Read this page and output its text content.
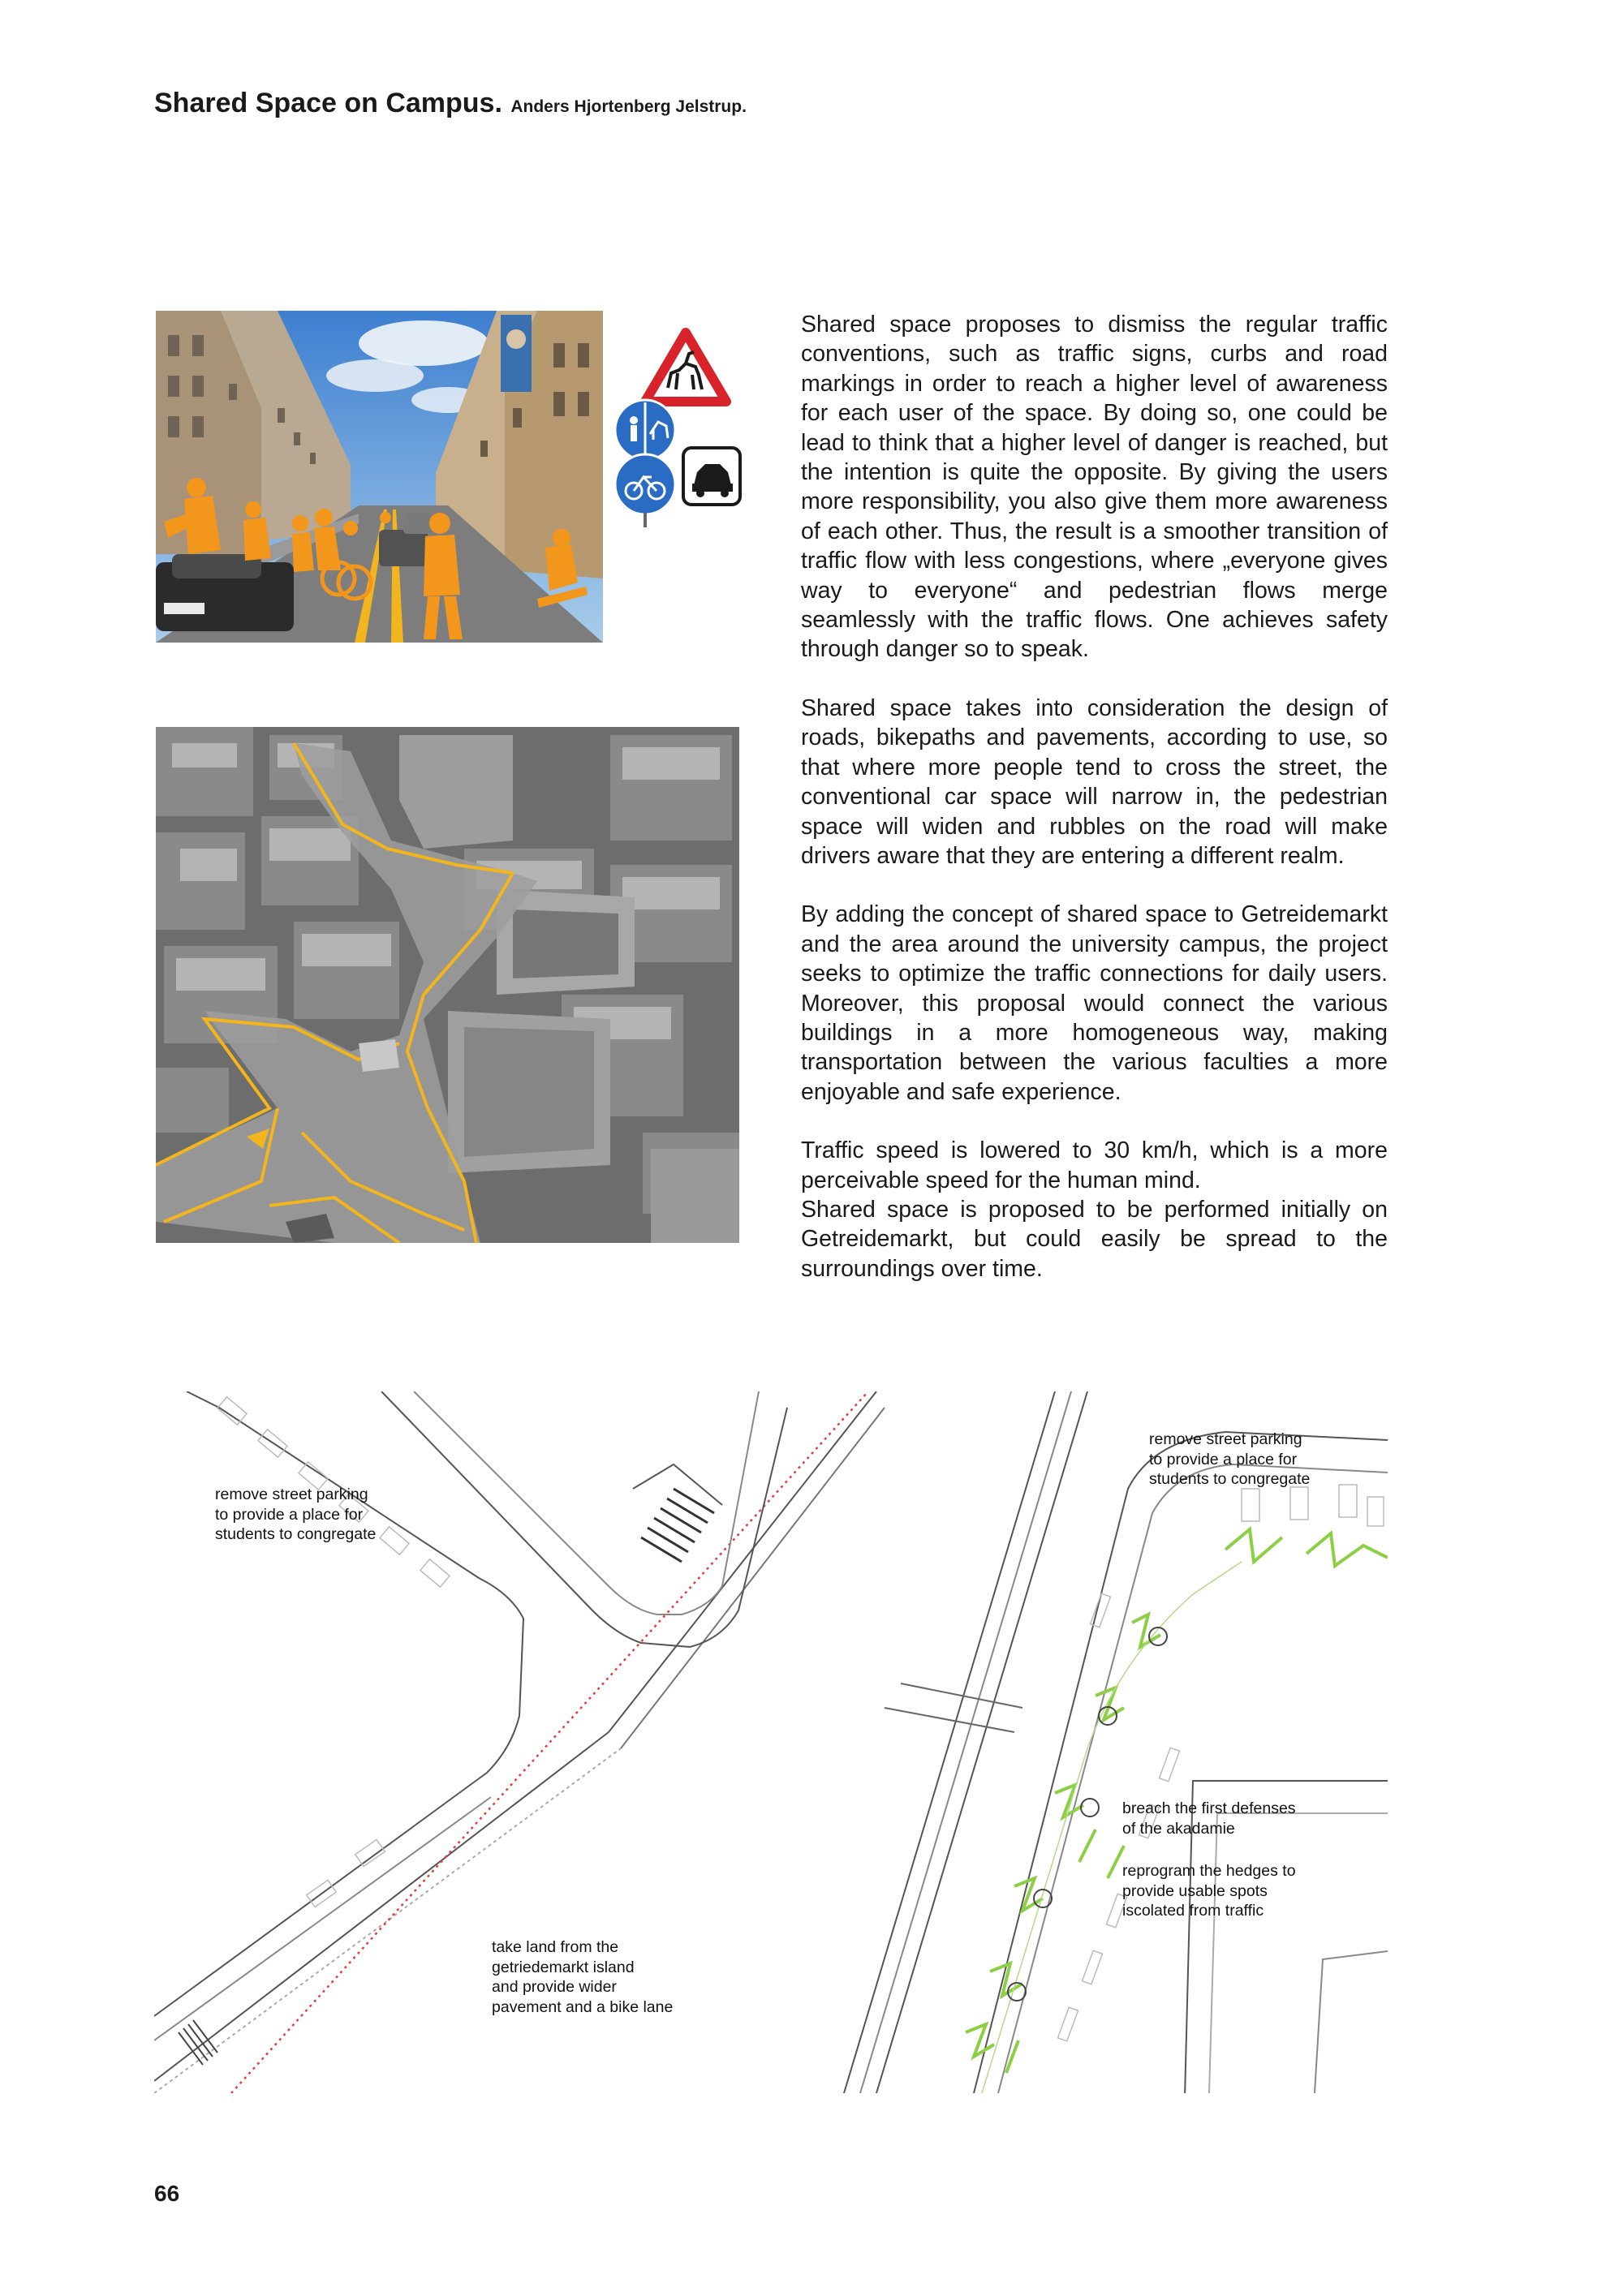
Shared Space on Campus. Anders Hjortenberg Jelstrup.

Shared space proposes to dismiss the regular traffic conventions, such as traffic signs, curbs and road markings in order to reach a higher level of awareness for each user of the space. By doing so, one could be lead to think that a higher level of danger is reached, but the intention is quite the opposite. By giving the users more responsibility, you also give them more awareness of each other. Thus, the result is a smoother transition of traffic flow with less congestions, where „everyone gives way to everyone“ and pedestrian flows merge seamlessly with the traffic flows. One achieves safety through danger so to speak.

Shared space takes into consideration the design of roads, bikepaths and pavements, according to use, so that where more people tend to cross the street, the conventional car space will narrow in, the pedestrian space will widen and rubbles on the road will make drivers aware that they are entering a different realm.

By adding the concept of shared space to Getreidemarkt and the area around the university campus, the project seeks to optimize the traffic connections for daily users. Moreover, this proposal would connect the various buildings in a more homogeneous way, making transportation between the various faculties a more enjoyable and safe experience.

Traffic speed is lowered to 30 km/h, which is a more perceivable speed for the human mind.

Shared space is proposed to be performed initially on Getreidemarkt, but could easily be spread to the surroundings over time.

remove street parking
to provide a place for
students to congregate
remove street parking
to provide a place for
students to congregate
breach the first defenses
of the akadamie
reprogram the hedges to
provide usable spots
iscolated from traffic
take land from the
getriedemarkt island
and provide wider
pavement and a bike lane
66
